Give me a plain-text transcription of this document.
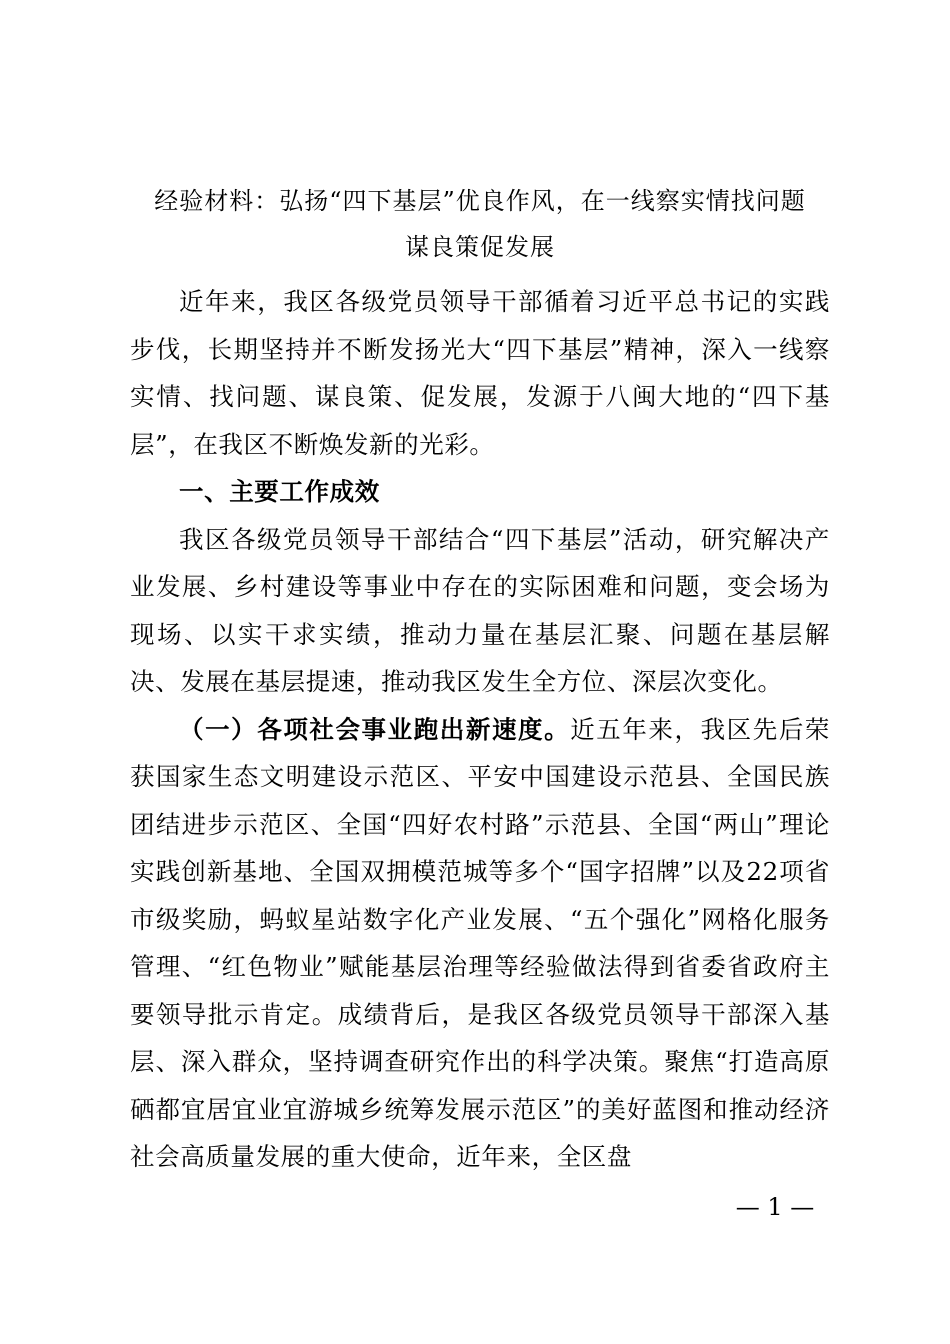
经验材料：弘扬“四下基层”优良作风，在一线察实情找问题
谋良策促发展

近年来，我区各级党员领导干部循着习近平总书记的实践步伐，长期坚持并不断发扬光大“四下基层”精神，深入一线察实情、找问题、谋良策、促发展，发源于八闽大地的“四下基层”，在我区不断焕发新的光彩。

一、主要工作成效

我区各级党员领导干部结合“四下基层”活动，研究解决产业发展、乡村建设等事业中存在的实际困难和问题，变会场为现场、以实干求实绩，推动力量在基层汇聚、问题在基层解决、发展在基层提速，推动我区发生全方位、深层次变化。

（一）各项社会事业跑出新速度。近五年来，我区先后荣获国家生态文明建设示范区、平安中国建设示范县、全国民族团结进步示范区、全国“四好农村路”示范县、全国“两山”理论实践创新基地、全国双拥模范城等多个“国字招牌”以及22项省市级奖励，蚂蚁星站数字化产业发展、“五个强化”网格化服务管理、“红色物业”赋能基层治理等经验做法得到省委省政府主要领导批示肯定。成绩背后，是我区各级党员领导干部深入基层、深入群众，坚持调查研究作出的科学决策。聚焦“打造高原硒都宜居宜业宜游城乡统筹发展示范区”的美好蓝图和推动经济社会高质量发展的重大使命，近年来，全区盘

— 1 —
